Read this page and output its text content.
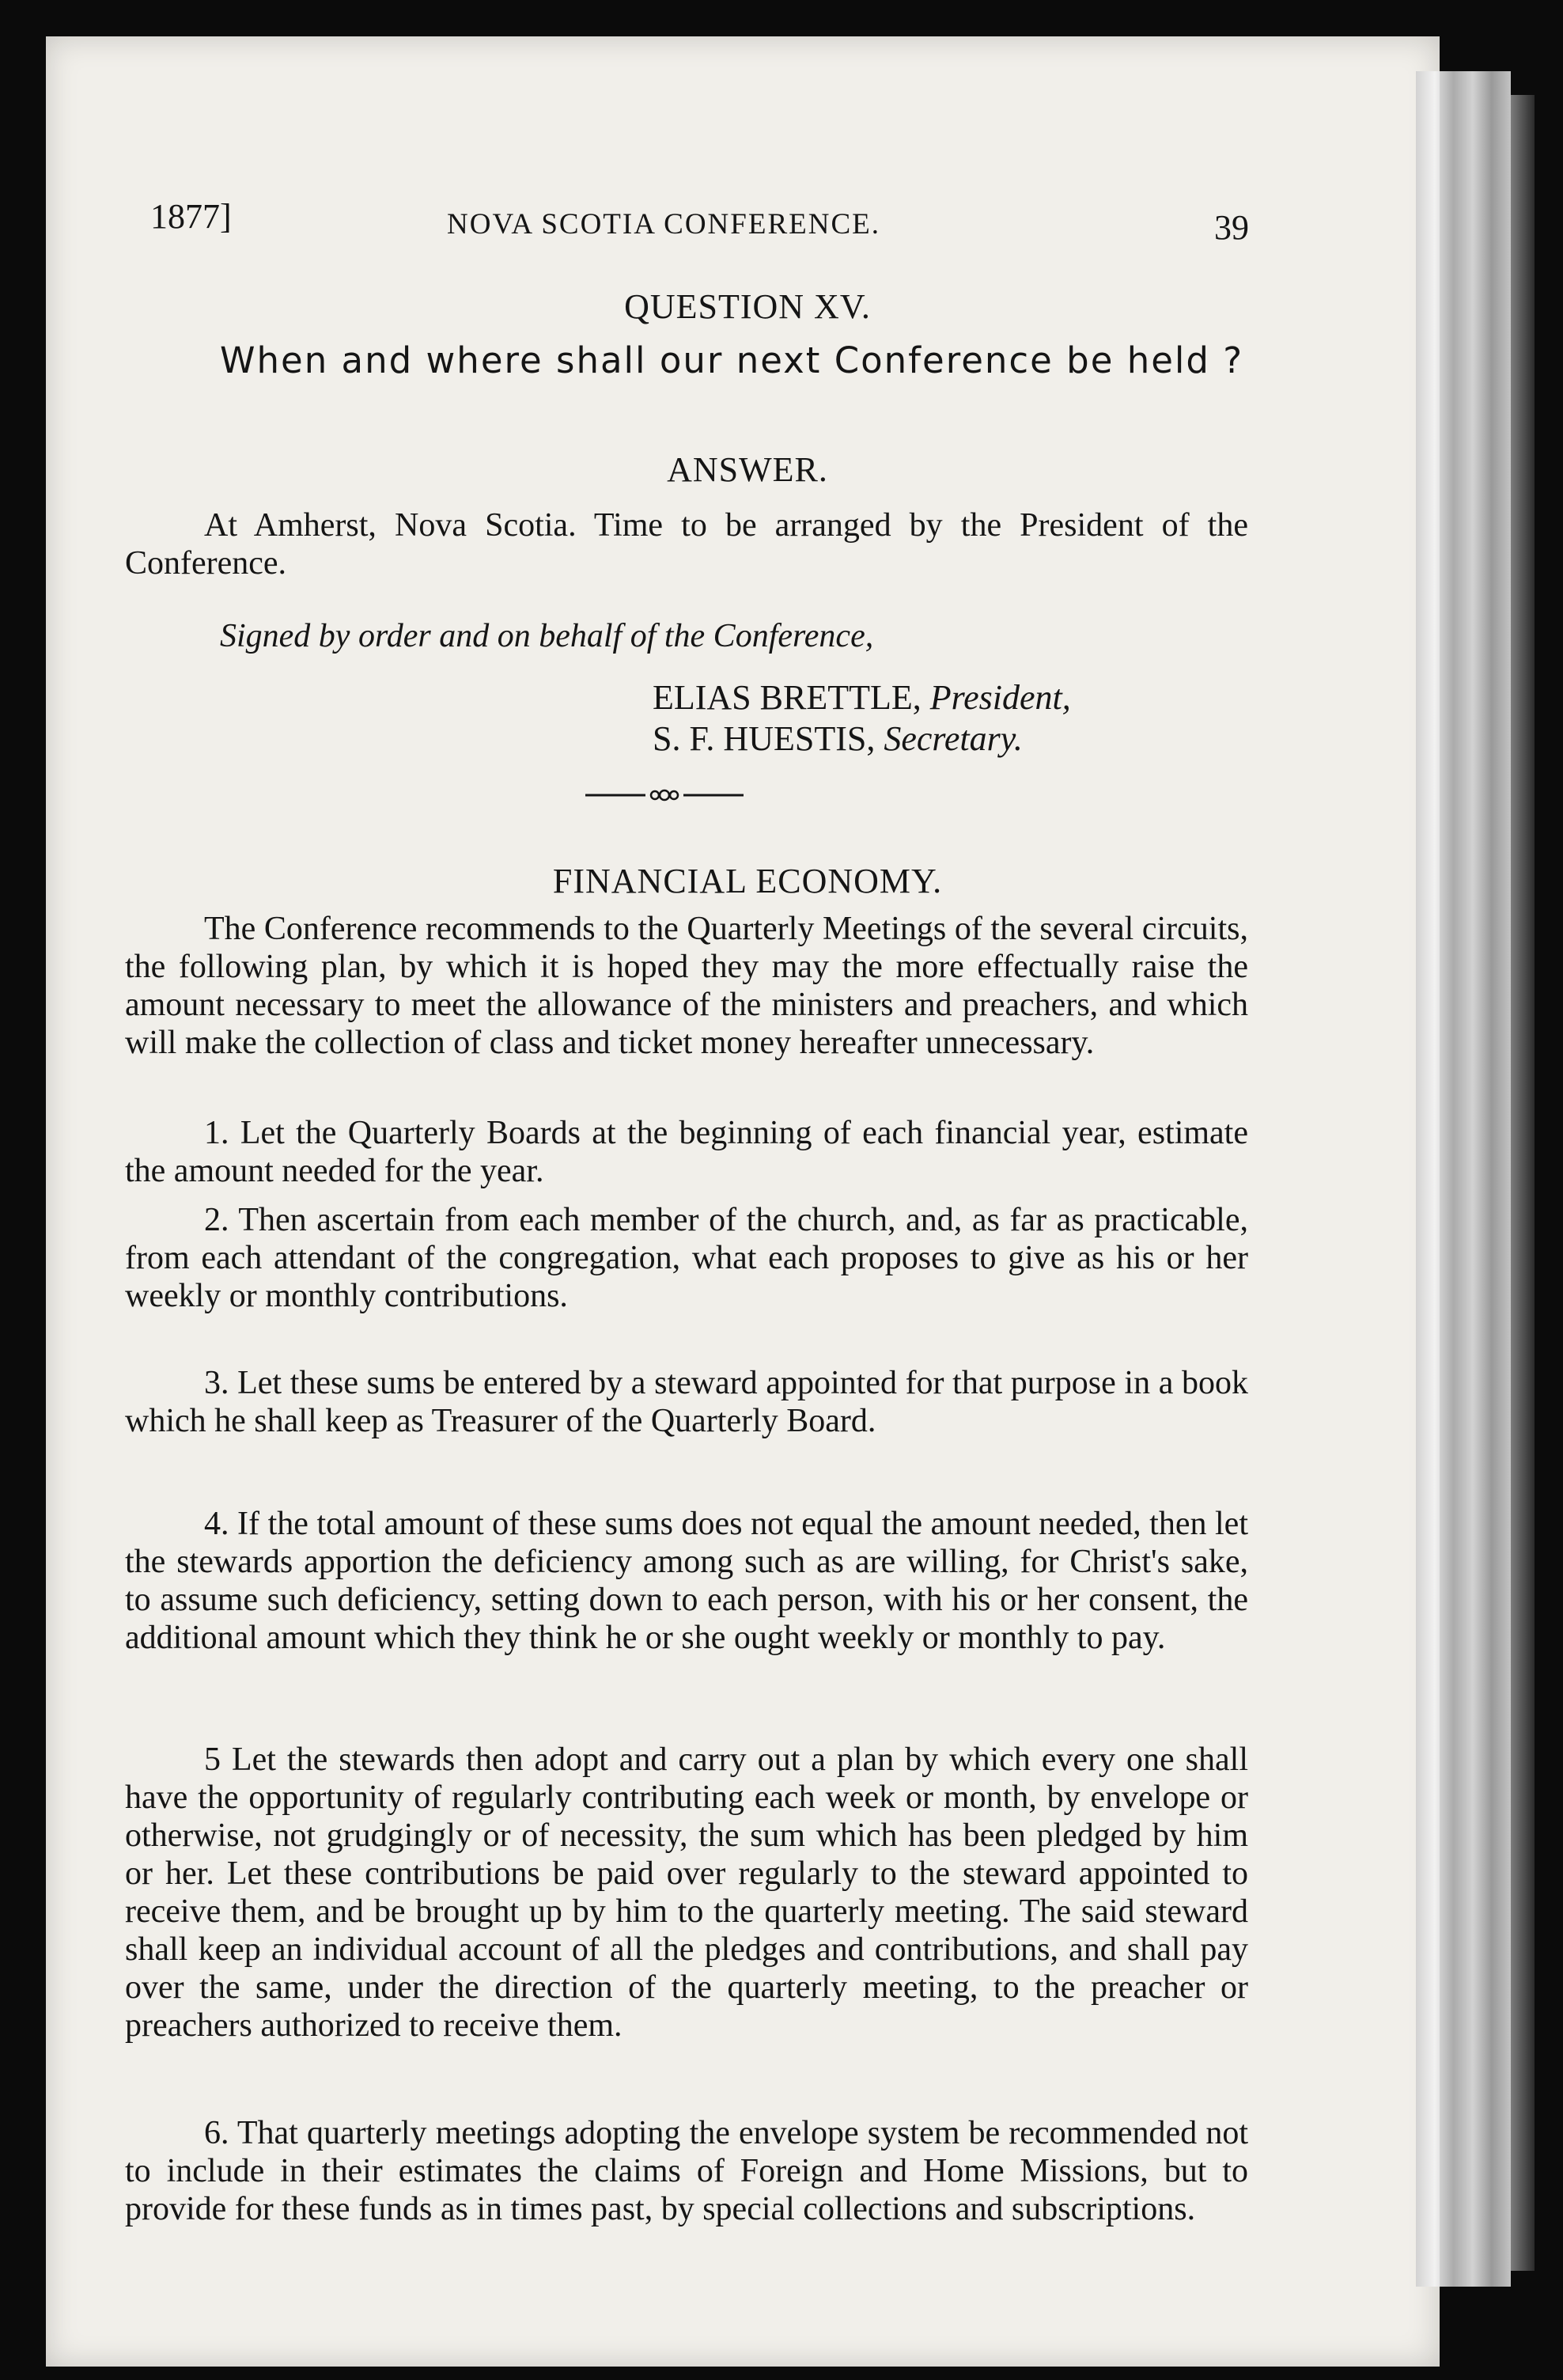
1877]	NOVA SCOTIA CONFERENCE.	39
QUESTION XV.
When and where shall our next Conference be held ?
ANSWER.
At Amherst, Nova Scotia. Time to be arranged by the President of the Conference.
Signed by order and on behalf of the Conference,
ELIAS BRETTLE, President,
S. F. HUESTIS, Secretary.
FINANCIAL ECONOMY.
The Conference recommends to the Quarterly Meetings of the several circuits, the following plan, by which it is hoped they may the more effectually raise the amount necessary to meet the allowance of the ministers and preachers, and which will make the collection of class and ticket money hereafter unnecessary.
1. Let the Quarterly Boards at the beginning of each financial year, estimate the amount needed for the year.
2. Then ascertain from each member of the church, and, as far as practicable, from each attendant of the congregation, what each proposes to give as his or her weekly or monthly contributions.
3. Let these sums be entered by a steward appointed for that purpose in a book which he shall keep as Treasurer of the Quarterly Board.
4. If the total amount of these sums does not equal the amount needed, then let the stewards apportion the deficiency among such as are willing, for Christ's sake, to assume such deficiency, setting down to each person, with his or her consent, the additional amount which they think he or she ought weekly or monthly to pay.
5 Let the stewards then adopt and carry out a plan by which every one shall have the opportunity of regularly contributing each week or month, by envelope or otherwise, not grudgingly or of necessity, the sum which has been pledged by him or her. Let these contributions be paid over regularly to the steward appointed to receive them, and be brought up by him to the quarterly meeting. The said steward shall keep an individual account of all the pledges and contributions, and shall pay over the same, under the direction of the quarterly meeting, to the preacher or preachers authorized to receive them.
6. That quarterly meetings adopting the envelope system be recommended not to include in their estimates the claims of Foreign and Home Missions, but to provide for these funds as in times past, by special collections and subscriptions.
